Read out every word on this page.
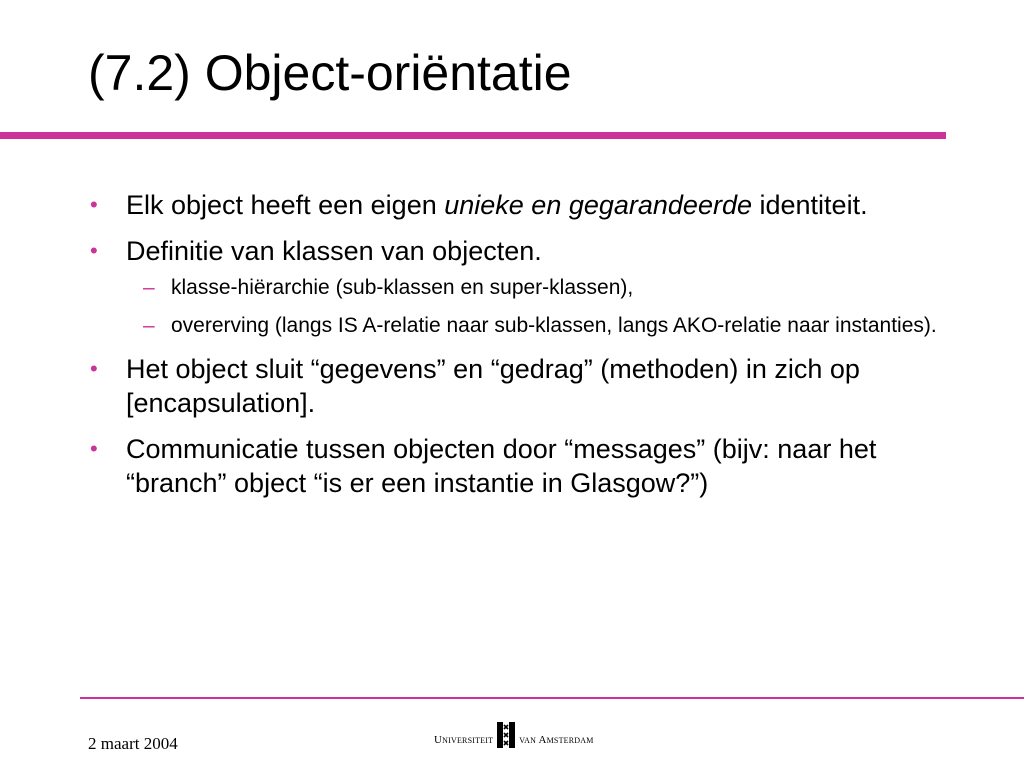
(7.2) Object-oriëntatie
• Elk object heeft een eigen unieke en gegarandeerde identiteit.
• Definitie van klassen van objecten.
– klasse-hiërarchie (sub-klassen en super-klassen),
– overerving (langs IS A-relatie naar sub-klassen, langs AKO-relatie naar instanties).
• Het object sluit “gegevens” en “gedrag” (methoden) in zich op [encapsulation].
• Communicatie tussen objecten door “messages” (bijv: naar het “branch” object “is er een instantie in Glasgow?”)
2 maart 2004	Universiteit van Amsterdam
